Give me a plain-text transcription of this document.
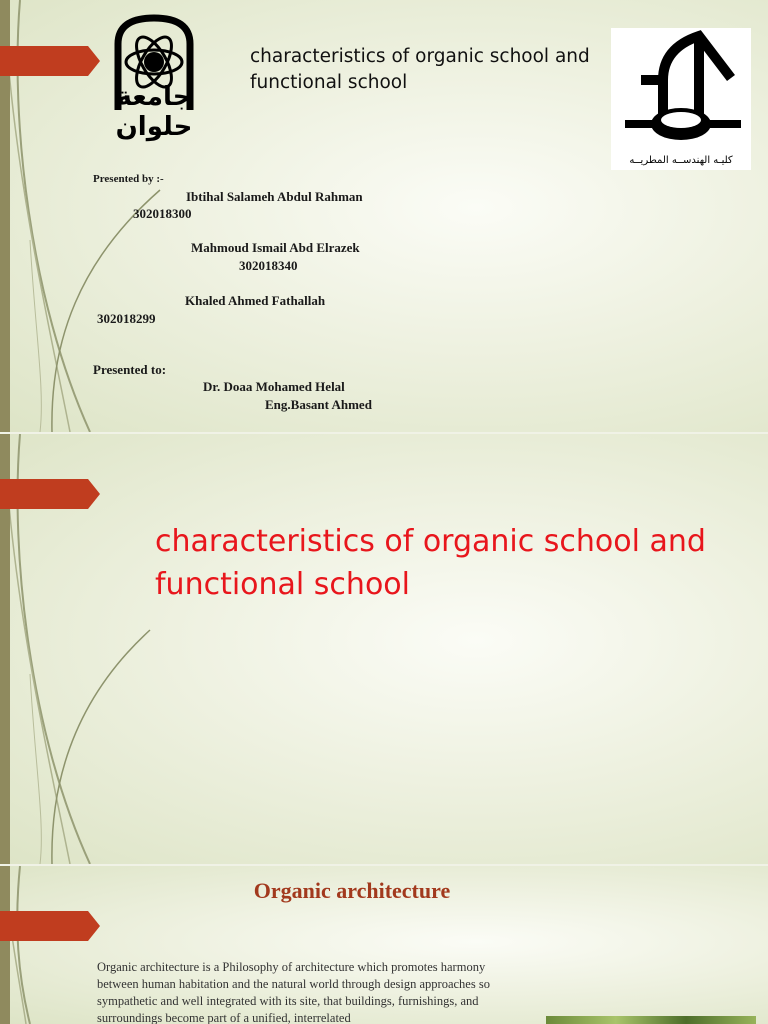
جامعة حلوان
characteristics of organic school and functional school
كليـه الهندســه المطريــه
Presented by :-
Ibtihal Salameh Abdul Rahman
302018300
Mahmoud Ismail Abd Elrazek
302018340
Khaled Ahmed Fathallah
302018299
Presented to:
Dr. Doaa Mohamed Helal
Eng.Basant Ahmed
characteristics of organic school and functional school
Organic architecture
Organic architecture is a Philosophy of architecture which promotes harmony between human habitation and the natural world through design approaches so sympathetic and well integrated with its site, that buildings, furnishings, and surroundings become part of a unified, interrelated
